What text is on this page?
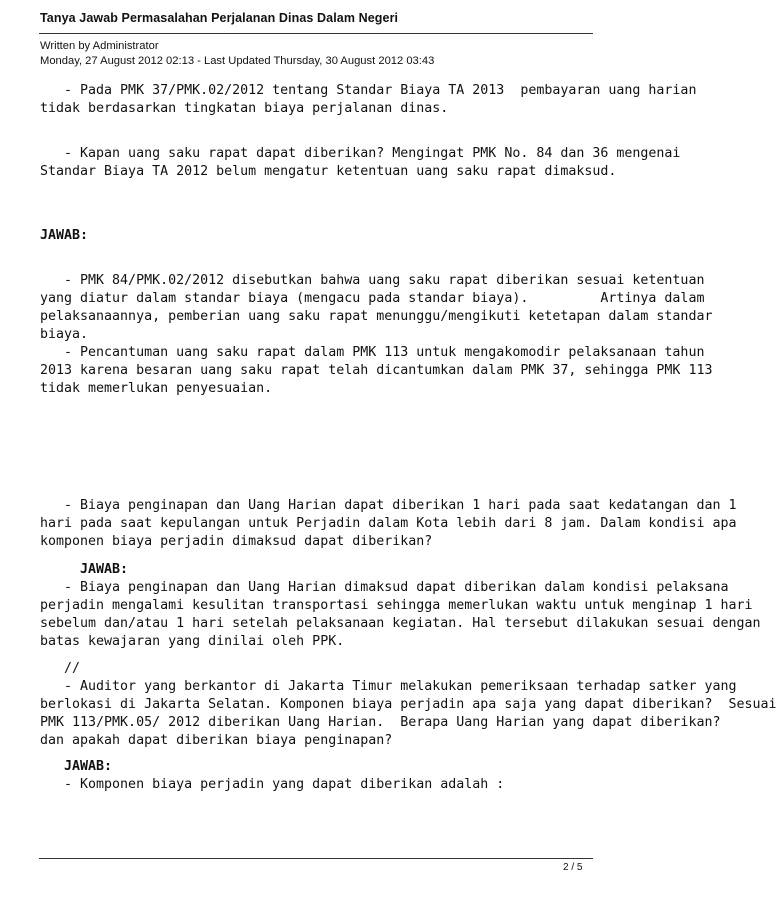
Tanya Jawab Permasalahan Perjalanan Dinas Dalam Negeri
Written by Administrator
Monday, 27 August 2012 02:13 - Last Updated Thursday, 30 August 2012 03:43
- Pada PMK 37/PMK.02/2012 tentang Standar Biaya TA 2013  pembayaran uang harian
tidak berdasarkan tingkatan biaya perjalanan dinas.
- Kapan uang saku rapat dapat diberikan? Mengingat PMK No. 84 dan 36 mengenai
Standar Biaya TA 2012 belum mengatur ketentuan uang saku rapat dimaksud.
JAWAB:
- PMK 84/PMK.02/2012 disebutkan bahwa uang saku rapat diberikan sesuai ketentuan
yang diatur dalam standar biaya (mengacu pada standar biaya).         Artinya dalam
pelaksanaannya, pemberian uang saku rapat menunggu/mengikuti ketetapan dalam standar
biaya.
- Pencantuman uang saku rapat dalam PMK 113 untuk mengakomodir pelaksanaan tahun
2013 karena besaran uang saku rapat telah dicantumkan dalam PMK 37, sehingga PMK 113
tidak memerlukan penyesuaian.
- Biaya penginapan dan Uang Harian dapat diberikan 1 hari pada saat kedatangan dan 1
hari pada saat kepulangan untuk Perjadin dalam Kota lebih dari 8 jam. Dalam kondisi apa
komponen biaya perjadin dimaksud dapat diberikan?
JAWAB:
- Biaya penginapan dan Uang Harian dimaksud dapat diberikan dalam kondisi pelaksana
perjadin mengalami kesulitan transportasi sehingga memerlukan waktu untuk menginap 1 hari
sebelum dan/atau 1 hari setelah pelaksanaan kegiatan. Hal tersebut dilakukan sesuai dengan
batas kewajaran yang dinilai oleh PPK.
//
- Auditor yang berkantor di Jakarta Timur melakukan pemeriksaan terhadap satker yang
berlokasi di Jakarta Selatan. Komponen biaya perjadin apa saja yang dapat diberikan?  Sesuai
PMK 113/PMK.05/ 2012 diberikan Uang Harian.  Berapa Uang Harian yang dapat diberikan?
dan apakah dapat diberikan biaya penginapan?
JAWAB:
- Komponen biaya perjadin yang dapat diberikan adalah :
2 / 5
